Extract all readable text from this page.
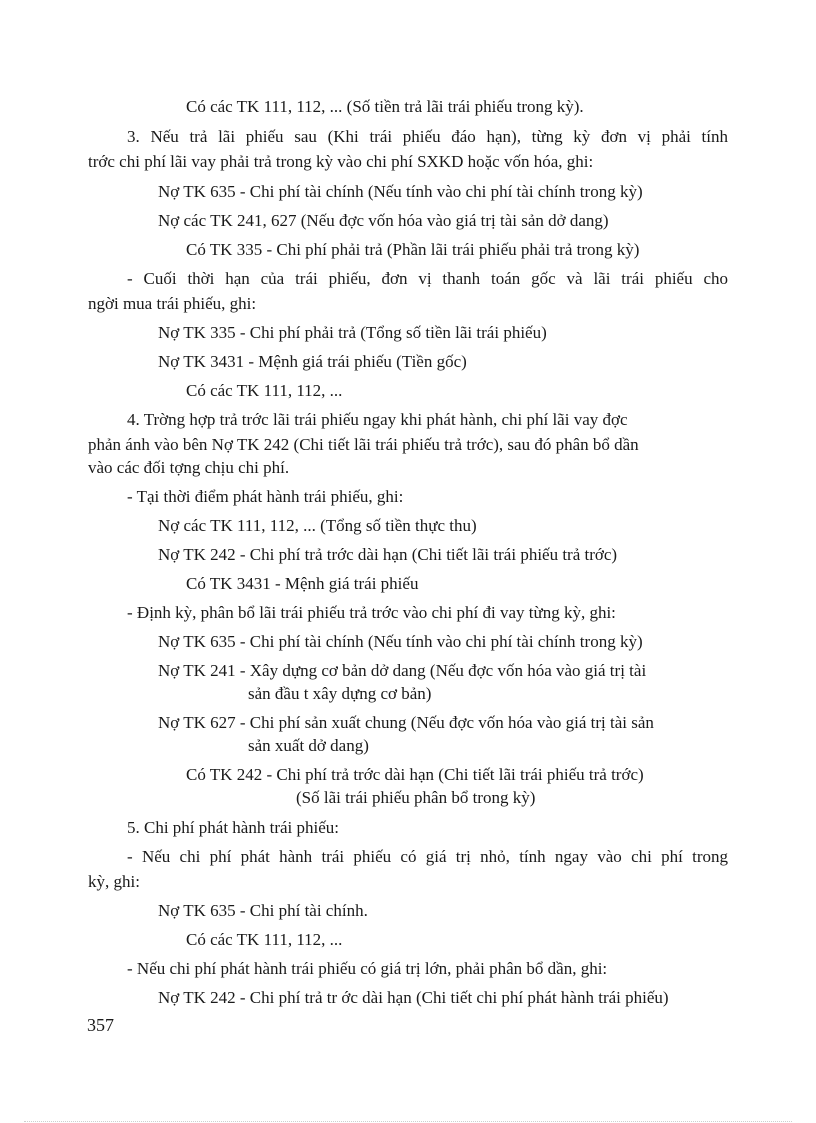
Có các TK 111, 112, ... (Số tiền trả lãi trái phiếu trong kỳ).
3. Nếu trả lãi phiếu sau (Khi trái phiếu đáo hạn), từng kỳ đơn vị phải tính
trớc chi phí lãi vay phải trả trong kỳ vào chi phí SXKD hoặc vốn hóa, ghi:
Nợ TK 635 - Chi phí tài chính (Nếu tính vào chi phí tài chính trong kỳ)
Nợ các TK 241, 627 (Nếu đợc vốn hóa vào giá trị tài sản dở dang)
Có TK 335 - Chi phí phải trả (Phần lãi trái phiếu phải trả trong kỳ)
- Cuối thời hạn của trái phiếu, đơn vị thanh toán gốc và lãi trái phiếu cho
ngời mua trái phiếu, ghi:
Nợ TK 335 - Chi phí phải trả (Tổng số tiền lãi trái phiếu)
Nợ TK 3431 - Mệnh giá trái phiếu (Tiền gốc)
Có các TK 111, 112, ...
4. Trờng hợp trả trớc lãi trái phiếu ngay khi phát hành, chi phí lãi vay đợc
phản ánh vào bên Nợ TK 242 (Chi tiết lãi trái phiếu trả trớc), sau đó phân bổ dần
vào các đối tợng chịu chi phí.
- Tại thời điểm phát hành trái phiếu, ghi:
Nợ các TK 111, 112, ... (Tổng số tiền thực thu)
Nợ TK 242 - Chi phí trả trớc dài hạn (Chi tiết lãi trái phiếu trả trớc)
Có TK 3431 - Mệnh giá trái phiếu
- Định kỳ, phân bổ lãi trái phiếu trả trớc vào chi phí đi vay từng kỳ, ghi:
Nợ TK 635 - Chi phí tài chính (Nếu tính vào chi phí tài chính trong kỳ)
Nợ TK 241 - Xây dựng cơ bản dở dang (Nếu đợc vốn hóa vào giá trị tài
sản đầu t xây dựng cơ bản)
Nợ TK 627 - Chi phí sản xuất chung (Nếu đợc vốn hóa vào giá trị tài sản
sản xuất dở dang)
Có TK 242 - Chi phí trả trớc dài hạn (Chi tiết lãi trái phiếu trả trớc)
(Số lãi trái phiếu phân bổ trong kỳ)
5. Chi phí phát hành trái phiếu:
- Nếu chi phí phát hành trái phiếu có giá trị nhỏ, tính ngay vào chi phí trong
kỳ, ghi:
Nợ TK 635 - Chi phí tài chính.
Có các TK 111, 112, ...
- Nếu chi phí phát hành trái phiếu có giá trị lớn, phải phân bổ dần, ghi:
Nợ TK 242 - Chi phí trả tr ớc dài hạn (Chi tiết chi phí phát hành trái phiếu)
357
